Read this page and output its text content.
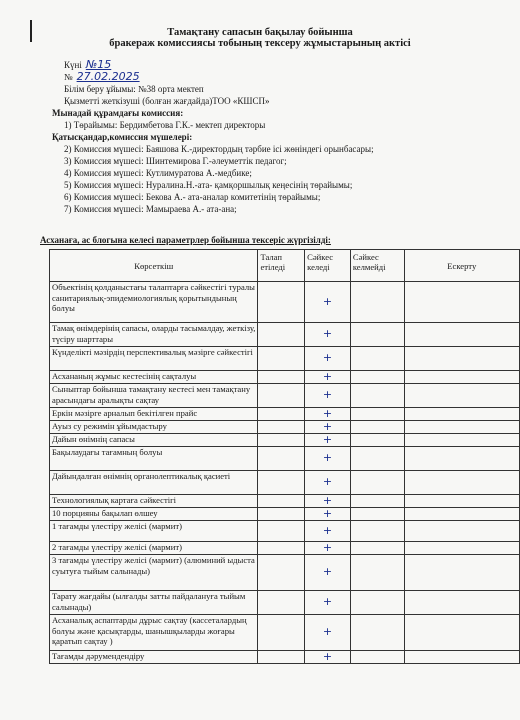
Тамақтану сапасын бақылау бойынша
бракераж комиссиясы тобының тексеру жұмыстарының актісі
Күні №15
№ 27.02.2025
Білім беру ұйымы: №38 орта мектеп
Қызметті жеткізуші (болған жағдайда)ТОО «КШСП»
Мынадай құрамдағы комиссия:
1) Төрайымы: Бердимбетова Г.К.- мектеп директоры
Қатысқандар,комиссия мүшелері:
2) Комиссия мүшесі: Баяшова К.-директордың тәрбие ісі жөніндегі орынбасары;
3) Комиссия мүшесі: Шинтемирова Г.-әлеуметтік педагог;
4) Комиссия мүшесі: Кутлимуратова А.-медбике;
5) Комиссия мүшесі: Нуралина.Н.-ата- қамқоршылық кеңесінің төрайымы;
6) Комиссия мүшесі: Бекова А.- ата-аналар комитетінің төрайымы;
7) Комиссия мүшесі: Мамыраева А.- ата-ана;
Асханаға, ас блогына келесі параметрлер бойынша тексеріс жүргізілді:
Көрсеткіш	Талап етіледі	Сәйкес келеді	Сәйкес келмейді	Ескерту
Объектінің қолданыстағы талаптарға сәйкестігі туралы санитариялық-эпидемиологиялық қорытындының болуы		+		
Тамақ өнімдерінің сапасы, оларды тасымалдау, жеткізу, түсіру шарттары		+		
Күнделікті мәзірдің перспективалық мәзірге сәйкестігі		+		
Асхананың жұмыс кестесінің сақталуы		+		
Сыныптар бойынша тамақтану кестесі мен тамақтану арасындағы аралықты сақтау		+		
Еркін мәзірге арналып бекітілген прайс		+		
Ауыз су режимін ұйымдастыру		+		
Дайын өнімнің сапасы		+		
Бақылаудағы тағамның болуы		+		
Дайындалған өнімнің органолептикалық қасиеті		+		
Технологиялық картаға сәйкестігі		+		
10 порцияны бақылап өлшеу		+		
1 тағамды үлестіру желісі (мармит)		+		
2 тағамды үлестіру желісі (мармит)		+		
3 тағамды үлестіру желісі (мармит) (алюминий ыдыста суытуға тыйым салынады)		+		
Тарату жағдайы (ылғалды затты пайдалануға тыйым салынады)		+		
Асханалық аспаптарды дұрыс сақтау (кассеталардың болуы және қасықтарды, шанышқыларды жоғары қаратып сақтау )		+		
Тағамды дәрумендендіру		+		
